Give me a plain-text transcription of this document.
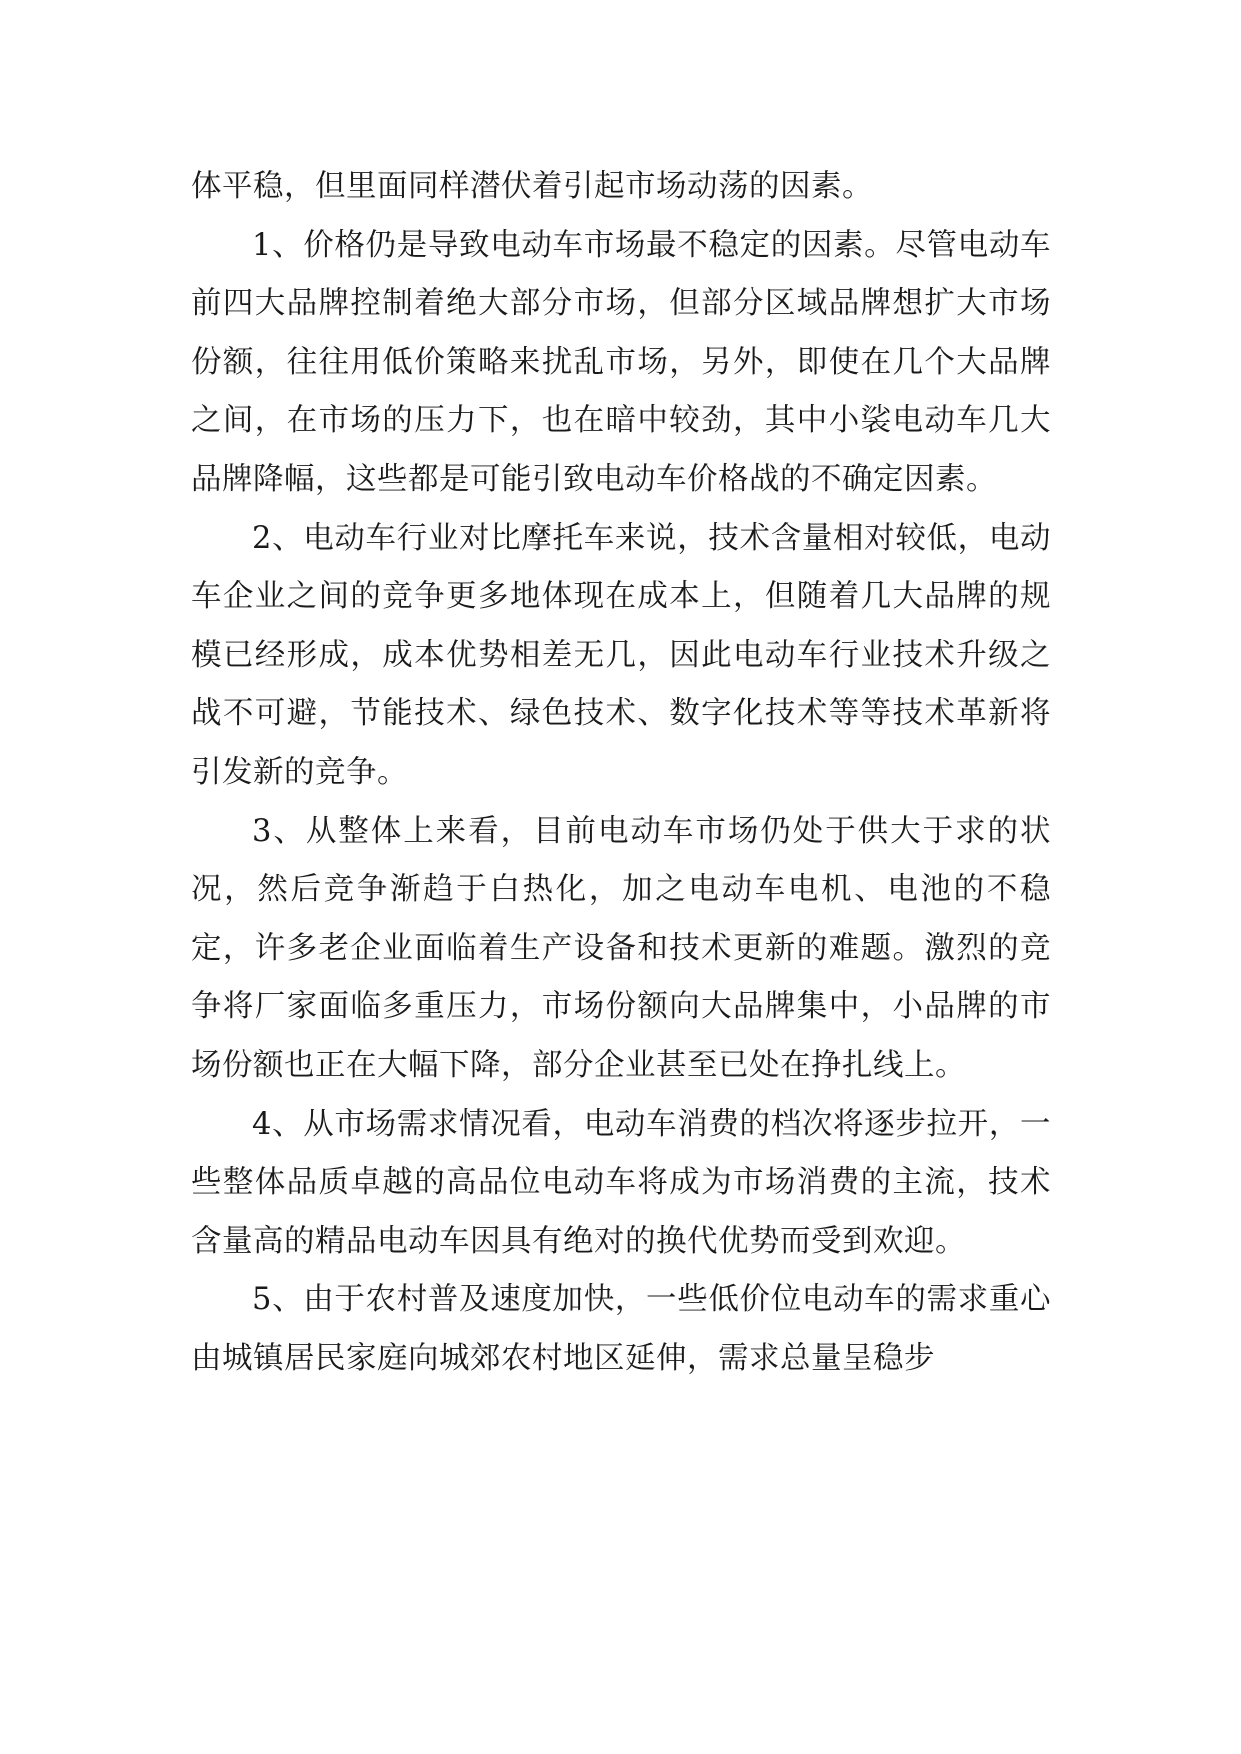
体平稳，但里面同样潜伏着引起市场动荡的因素。

1、价格仍是导致电动车市场最不稳定的因素。尽管电动车前四大品牌控制着绝大部分市场，但部分区域品牌想扩大市场份额，往往用低价策略来扰乱市场，另外，即使在几个大品牌之间，在市场的压力下，也在暗中较劲，其中小裟电动车几大品牌降幅，这些都是可能引致电动车价格战的不确定因素。

2、电动车行业对比摩托车来说，技术含量相对较低，电动车企业之间的竞争更多地体现在成本上，但随着几大品牌的规模已经形成，成本优势相差无几，因此电动车行业技术升级之战不可避，节能技术、绿色技术、数字化技术等等技术革新将引发新的竞争。

3、从整体上来看，目前电动车市场仍处于供大于求的状况，然后竞争渐趋于白热化，加之电动车电机、电池的不稳定，许多老企业面临着生产设备和技术更新的难题。激烈的竞争将厂家面临多重压力，市场份额向大品牌集中，小品牌的市场份额也正在大幅下降，部分企业甚至已处在挣扎线上。

4、从市场需求情况看，电动车消费的档次将逐步拉开，一些整体品质卓越的高品位电动车将成为市场消费的主流，技术含量高的精品电动车因具有绝对的换代优势而受到欢迎。

5、由于农村普及速度加快，一些低价位电动车的需求重心由城镇居民家庭向城郊农村地区延伸，需求总量呈稳步
